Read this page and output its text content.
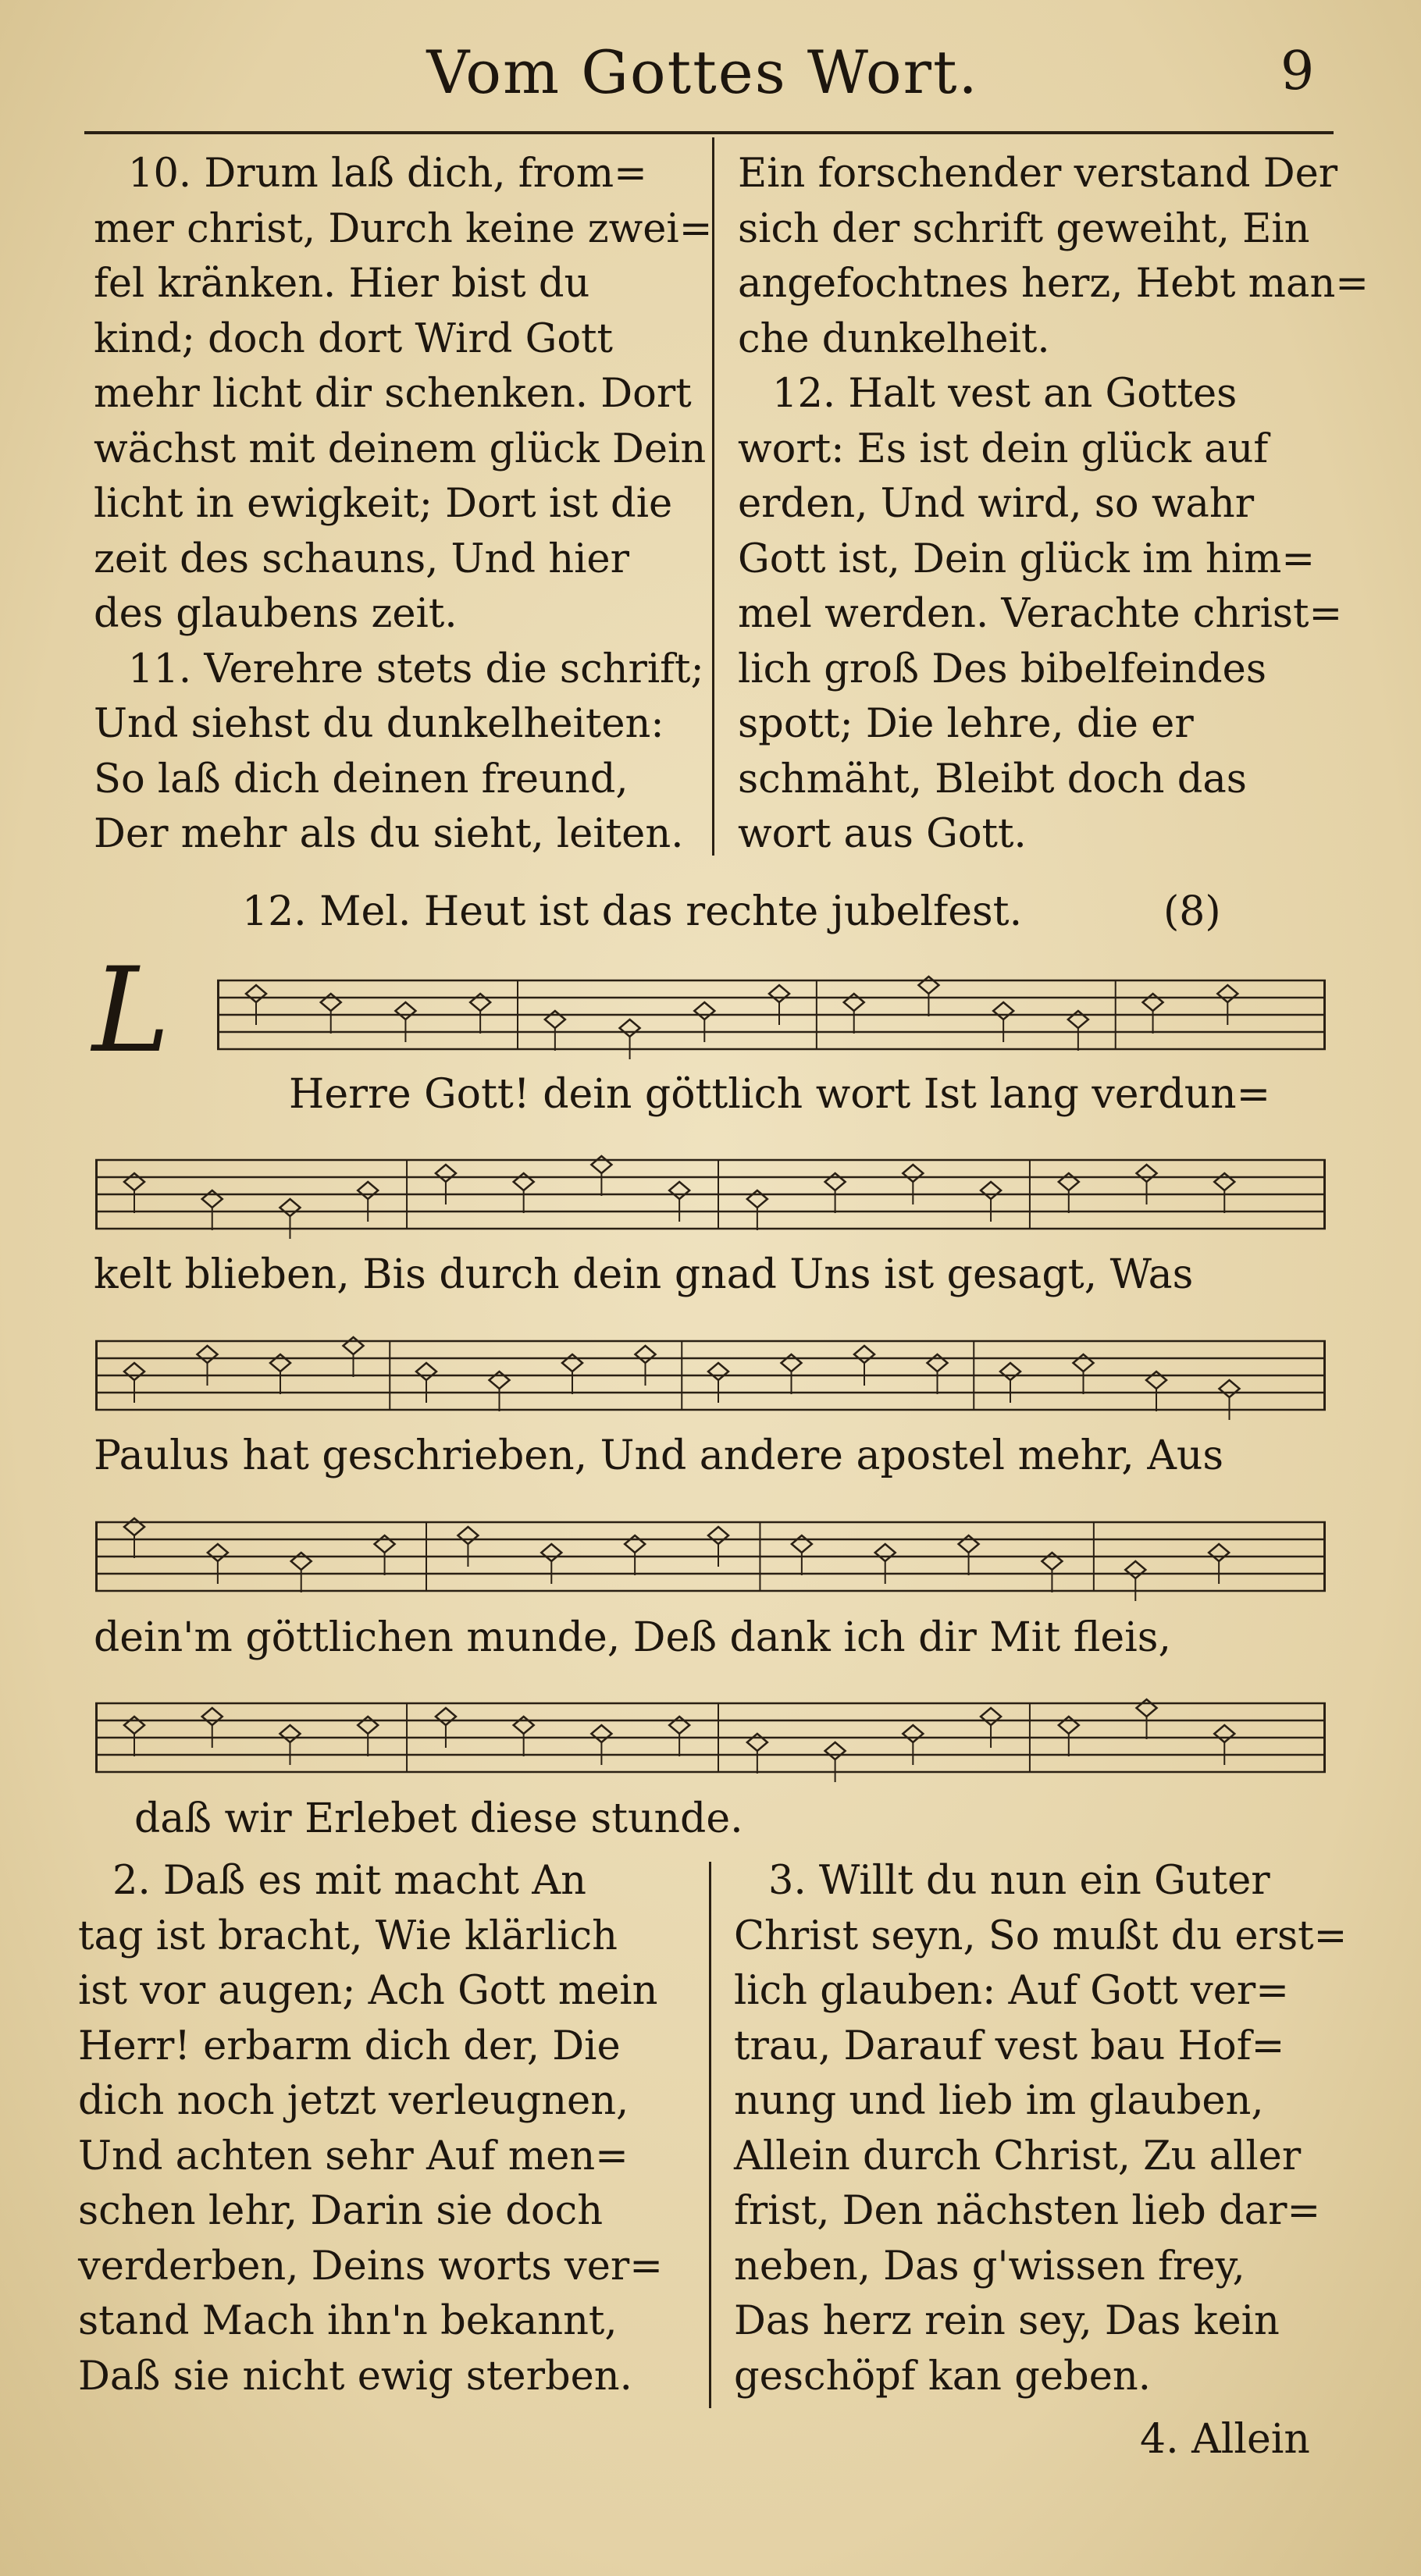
Vom Gottes Wort.	9
10. Drum laß dich, from=
mer christ, Durch keine zwei=
fel kränken. Hier bist du
kind; doch dort Wird Gott
mehr licht dir schenken. Dort
wächst mit deinem glück Dein
licht in ewigkeit; Dort ist die
zeit des schauns, Und hier
des glaubens zeit.
11. Verehre stets die schrift;
Und siehst du dunkelheiten:
So laß dich deinen freund,
Der mehr als du sieht, leiten.
Ein forschender verstand Der
sich der schrift geweiht, Ein
angefochtnes herz, Hebt man=
che dunkelheit.
12. Halt vest an Gottes
wort: Es ist dein glück auf
erden, Und wird, so wahr
Gott ist, Dein glück im him=
mel werden. Verachte christ=
lich groß Des bibelfeindes
spott; Die lehre, die er
schmäht, Bleibt doch das
wort aus Gott.
12. Mel. Heut ist das rechte jubelfest.	(8)
L
Herre Gott! dein göttlich wort Ist lang verdun=
kelt blieben, Bis durch dein gnad Uns ist gesagt, Was
Paulus hat geschrieben, Und andere apostel mehr, Aus
dein'm göttlichen munde, Deß dank ich dir Mit fleis,
daß wir Erlebet diese stunde.
2. Daß es mit macht An
tag ist bracht, Wie klärlich
ist vor augen; Ach Gott mein
Herr! erbarm dich der, Die
dich noch jetzt verleugnen,
Und achten sehr Auf men=
schen lehr, Darin sie doch
verderben, Deins worts ver=
stand Mach ihn'n bekannt,
Daß sie nicht ewig sterben.
3. Willt du nun ein Guter
Christ seyn, So mußt du erst=
lich glauben: Auf Gott ver=
trau, Darauf vest bau Hof=
nung und lieb im glauben,
Allein durch Christ, Zu aller
frist, Den nächsten lieb dar=
neben, Das g'wissen frey,
Das herz rein sey, Das kein
geschöpf kan geben.
4. Allein
